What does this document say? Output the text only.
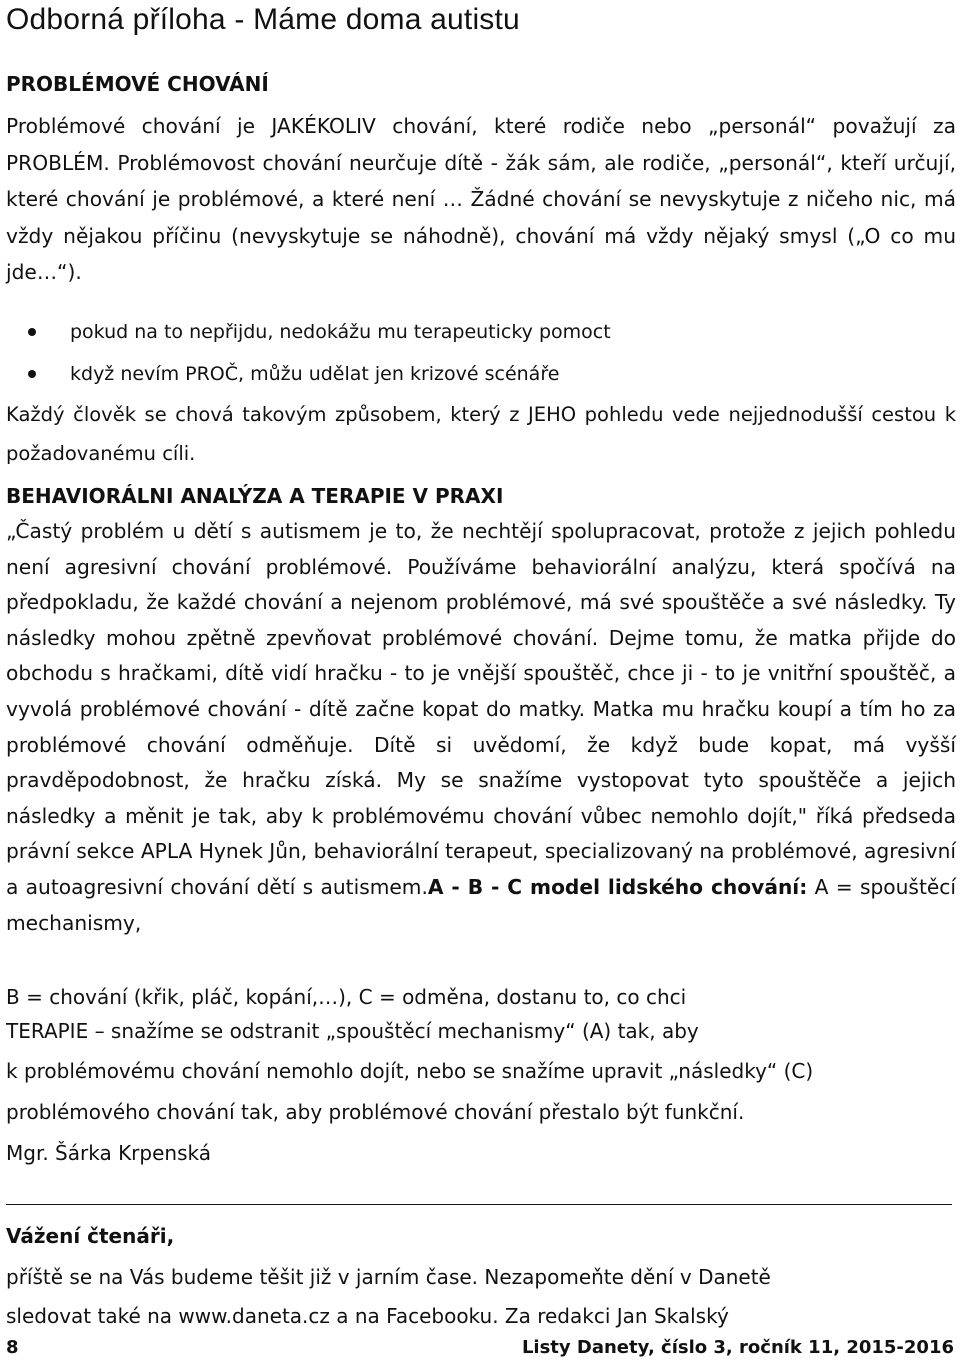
Odborná příloha - Máme doma autistu
PROBLÉMOVÉ CHOVÁNÍ
Problémové chování je JAKÉKOLIV chování, které rodiče nebo „personál“ považují za PROBLÉM. Problémovost chování neurčuje dítě - žák sám, ale rodiče, „personál“, kteří určují, které chování je problémové, a které není … Žádné chování se nevyskytuje z ničeho nic, má vždy nějakou příčinu (nevyskytuje se náhodně), chování má vždy nějaký smysl („O co mu jde…“).
pokud na to nepřijdu, nedokážu mu terapeuticky pomoct
když nevím PROČ, můžu udělat jen krizové scénáře
Každý člověk se chová takovým způsobem, který z JEHO pohledu vede nejjednodušší cestou k požadovanému cíli.
BEHAVIORÁLNI ANALÝZA A TERAPIE V PRAXI
„Častý problém u dětí s autismem je to, že nechtějí spolupracovat, protože z jejich pohledu není agresivní chování problémové. Používáme behaviorální analýzu, která spočívá na předpokladu, že každé chování a nejenom problémové, má své spouštěče a své následky. Ty následky mohou zpětně zpevňovat problémové chování. Dejme tomu, že matka přijde do obchodu s hračkami, dítě vidí hračku - to je vnější spouštěč, chce ji - to je vnitřní spouštěč, a vyvolá problémové chování - dítě začne kopat do matky. Matka mu hračku koupí a tím ho za problémové chování odměňuje. Dítě si uvědomí, že když bude kopat, má vyšší pravděpodobnost, že hračku získá. My se snažíme vystopovat tyto spouštěče a jejich následky a měnit je tak, aby k problémovému chování vůbec nemohlo dojít," říká předseda právní sekce APLA Hynek Jůn, behaviorální terapeut, specializovaný na problémové, agresivní a autoagresivní chování dětí s autismem.A - B - C model lidského chování: A = spouštěcí mechanismy,
B = chování (křik, pláč, kopání,…), C = odměna, dostanu to, co chci
TERAPIE – snažíme se odstranit „spouštěcí mechanismy“ (A) tak, aby
k problémovému chování nemohlo dojít, nebo se snažíme upravit „následky“ (C)
problémového chování tak, aby problémové chování přestalo být funkční.
Mgr. Šárka Krpenská
Vážení čtenáři,
příště se na Vás budeme těšit již v jarním čase. Nezapomeňte dění v Danetě
sledovat také na www.daneta.cz a na Facebooku. Za redakci Jan Skalský
8	Listy Danety, číslo 3, ročník 11, 2015-2016
